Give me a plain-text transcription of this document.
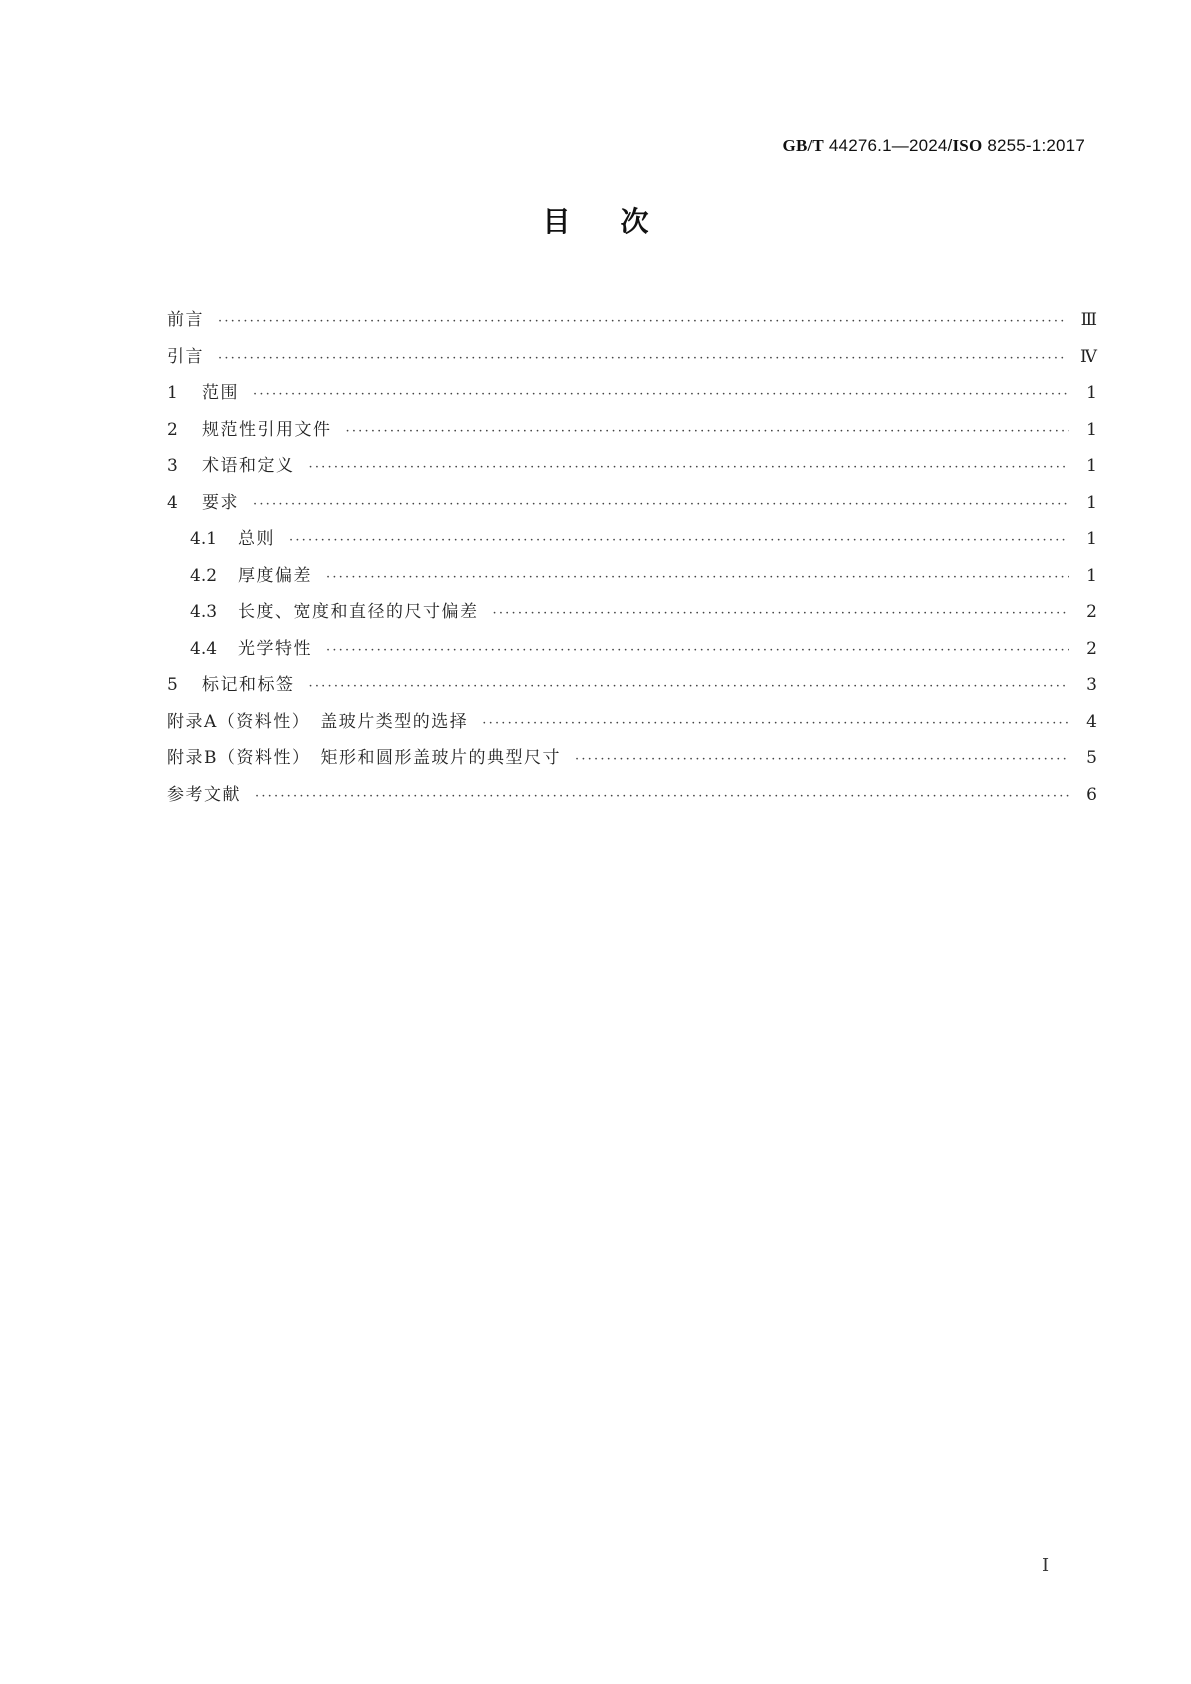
GB/T 44276.1—2024/ISO 8255-1:2017
目次
前言 ·····	Ⅲ
引言 ·····	Ⅳ
1	范围 ·····	1
2	规范性引用文件 ·····	1
3	术语和定义 ·····	1
4	要求 ·····	1
4.1	总则 ·····	1
4.2	厚度偏差 ·····	1
4.3	长度、宽度和直径的尺寸偏差 ·····	2
4.4	光学特性 ·····	2
5	标记和标签 ·····	3
附录A（资料性）　盖玻片类型的选择 ·····	4
附录B（资料性）　矩形和圆形盖玻片的典型尺寸 ·····	5
参考文献 ·····	6
Ⅰ
